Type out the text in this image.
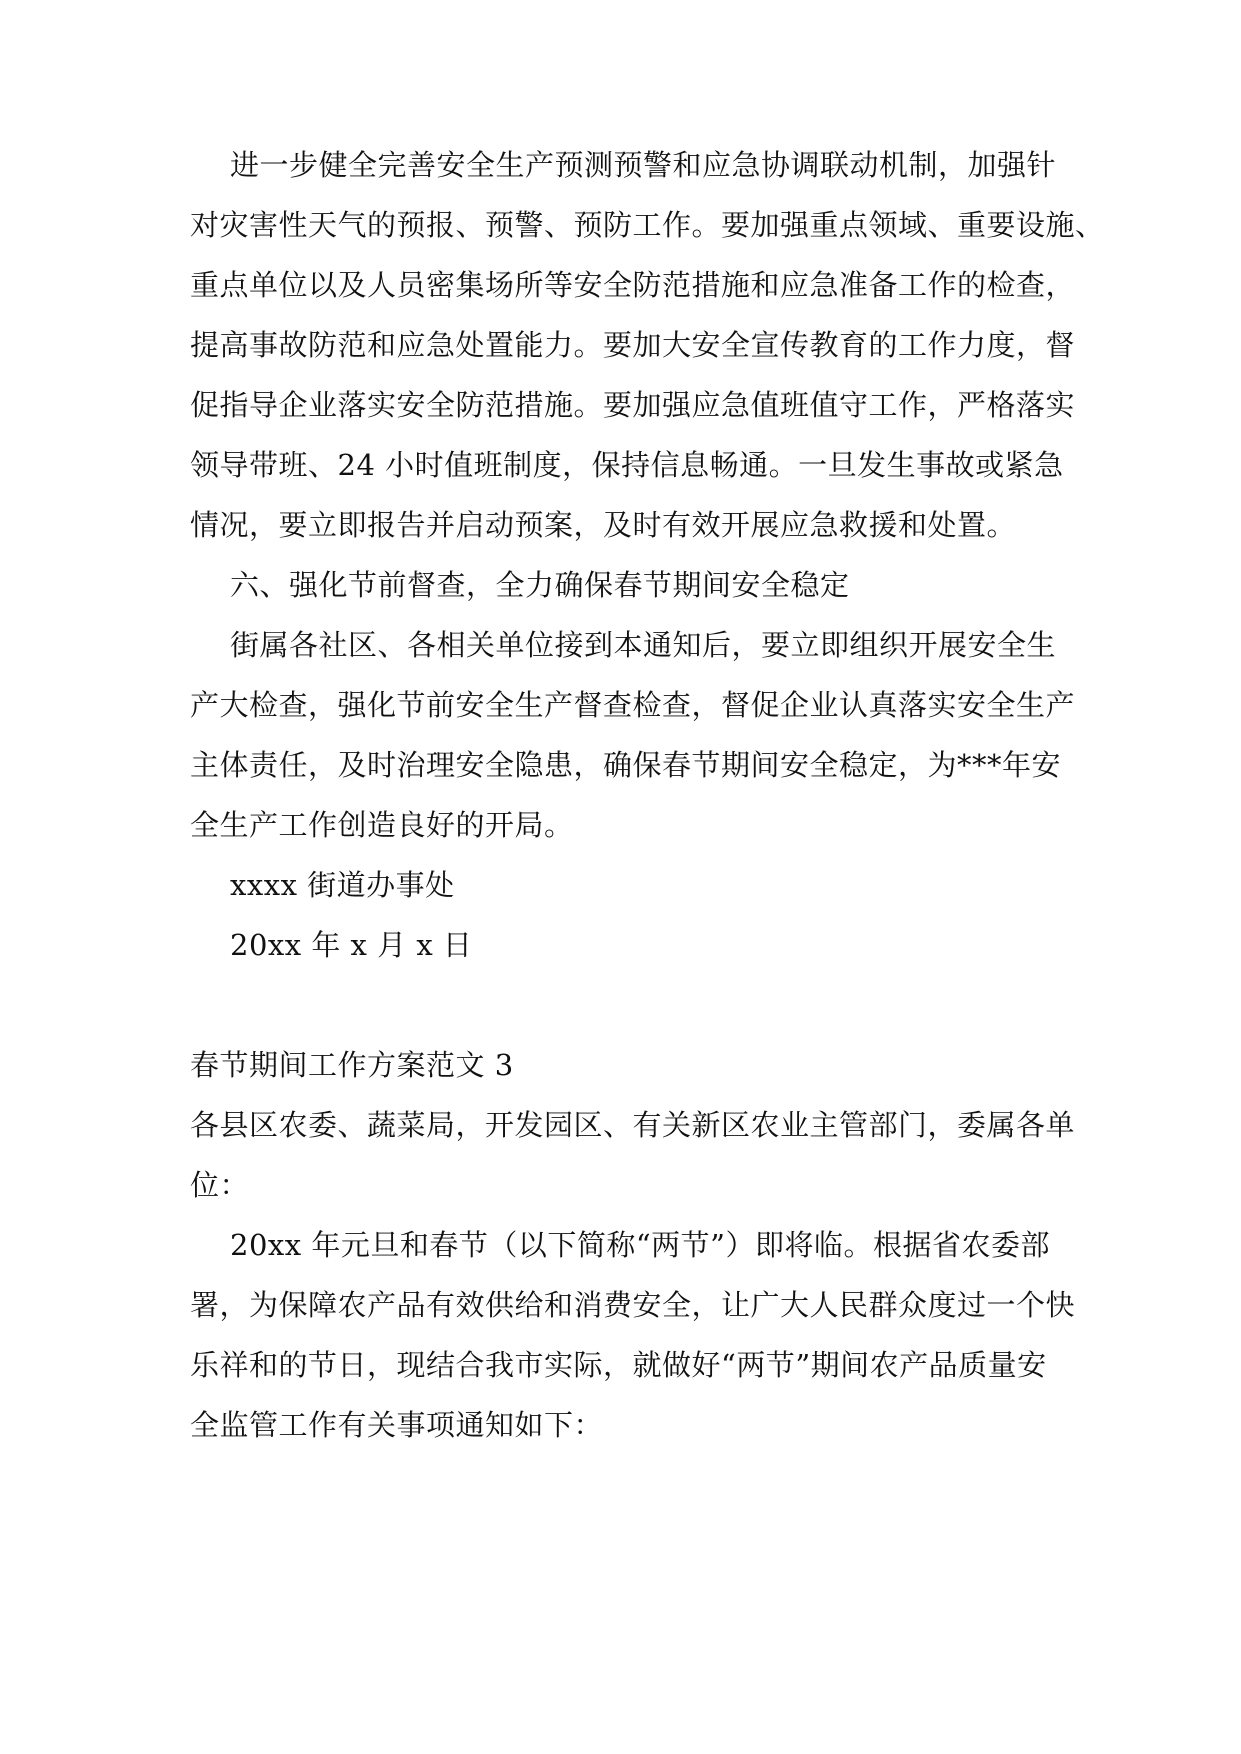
进一步健全完善安全生产预测预警和应急协调联动机制，加强针
对灾害性天气的预报、预警、预防工作。要加强重点领域、重要设施、
重点单位以及人员密集场所等安全防范措施和应急准备工作的检查，
提高事故防范和应急处置能力。要加大安全宣传教育的工作力度，督
促指导企业落实安全防范措施。要加强应急值班值守工作，严格落实
领导带班、24 小时值班制度，保持信息畅通。一旦发生事故或紧急
情况，要立即报告并启动预案，及时有效开展应急救援和处置。
六、强化节前督查，全力确保春节期间安全稳定
街属各社区、各相关单位接到本通知后，要立即组织开展安全生
产大检查，强化节前安全生产督查检查，督促企业认真落实安全生产
主体责任，及时治理安全隐患，确保春节期间安全稳定，为***年安
全生产工作创造良好的开局。
xxxx 街道办事处
20xx 年 x 月 x 日
春节期间工作方案范文 3
各县区农委、蔬菜局，开发园区、有关新区农业主管部门，委属各单
位：
20xx 年元旦和春节（以下简称“两节”）即将临。根据省农委部
署，为保障农产品有效供给和消费安全，让广大人民群众度过一个快
乐祥和的节日，现结合我市实际，就做好“两节”期间农产品质量安
全监管工作有关事项通知如下：
